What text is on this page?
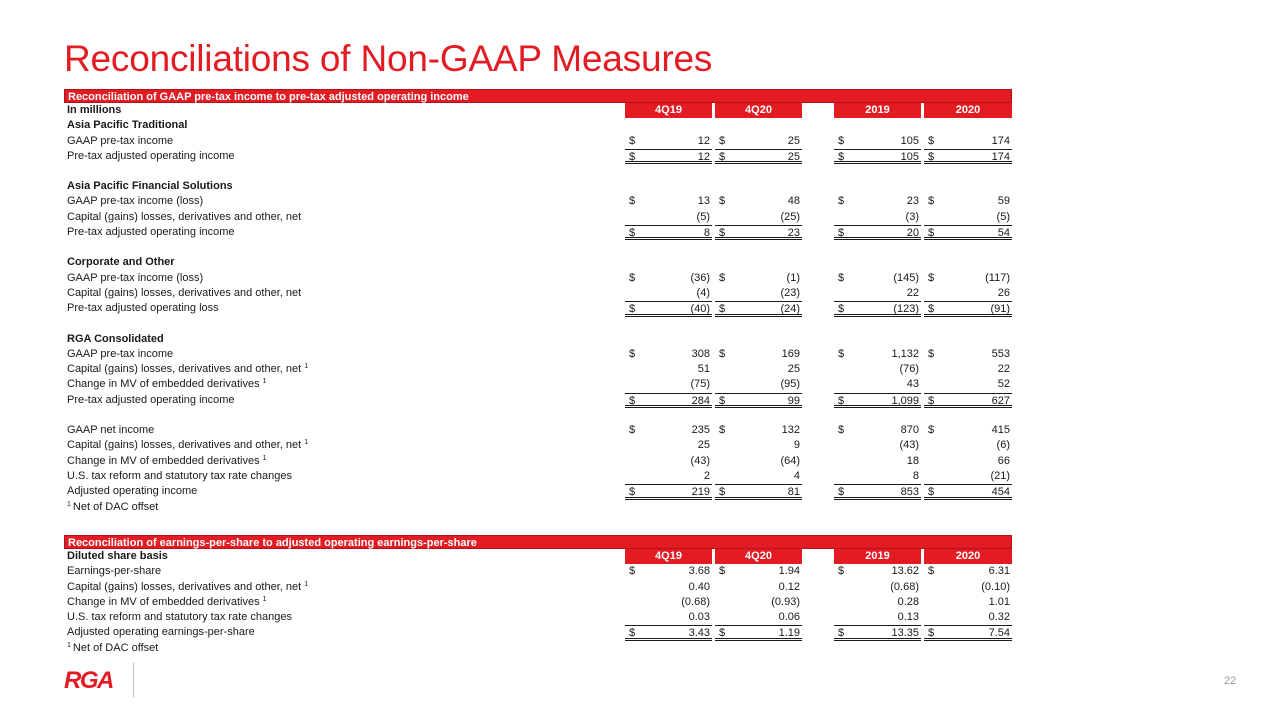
Reconciliations of Non-GAAP Measures
Reconciliation of GAAP pre-tax income to pre-tax adjusted operating income
In millions	4Q19	4Q20	2019	2020
Asia Pacific Traditional
GAAP pre-tax income	$	12 $	25	$	105 $	174
Pre-tax adjusted operating income	$	12 $	25	$	105 $	174
Asia Pacific Financial Solutions
GAAP pre-tax income (loss)	$	13 $	48	$	23 $	59
Capital (gains) losses, derivatives and other, net	(5)	(25)	(3)	(5)
Pre-tax adjusted operating income	$	8 $	23	$	20 $	54
Corporate and Other
GAAP pre-tax income (loss)	$	(36) $	(1)	$	(145) $	(117)
Capital (gains) losses, derivatives and other, net	(4)	(23)	22	26
Pre-tax adjusted operating loss	$	(40) $	(24)	$	(123) $	(91)
RGA Consolidated
GAAP pre-tax income	$	308 $	169	$	1,132 $	553
Capital (gains) losses, derivatives and other, net $^1$	51	25	(76)	22
Change in MV of embedded derivatives $^1$	(75)	(95)	43	52
Pre-tax adjusted operating income	$	284 $	99	$	1,099 $	627
GAAP net income	$	235 $	132	$	870 $	415
Capital (gains) losses, derivatives and other, net $^1$	25	9	(43)	(6)
Change in MV of embedded derivatives $^1$	(43)	(64)	18	66
U.S. tax reform and statutory tax rate changes	2	4	8	(21)
Adjusted operating income	$	219 $	81	$	853 $	454
$^1$ Net of DAC offset
Reconciliation of earnings-per-share to adjusted operating earnings-per-share
Diluted share basis	4Q19	4Q20	2019	2020
Earnings-per-share	$	3.68 $	1.94	$	13.62 $	6.31
Capital (gains) losses, derivatives and other, net $^1$	0.40	0.12	(0.68)	(0.10)
Change in MV of embedded derivatives $^1$	(0.68)	(0.93)	0.28	1.01
U.S. tax reform and statutory tax rate changes	0.03	0.06	0.13	0.32
Adjusted operating earnings-per-share	$	3.43 $	1.19	$	13.35 $	7.54
$^1$ Net of DAC offset
RGA	22
